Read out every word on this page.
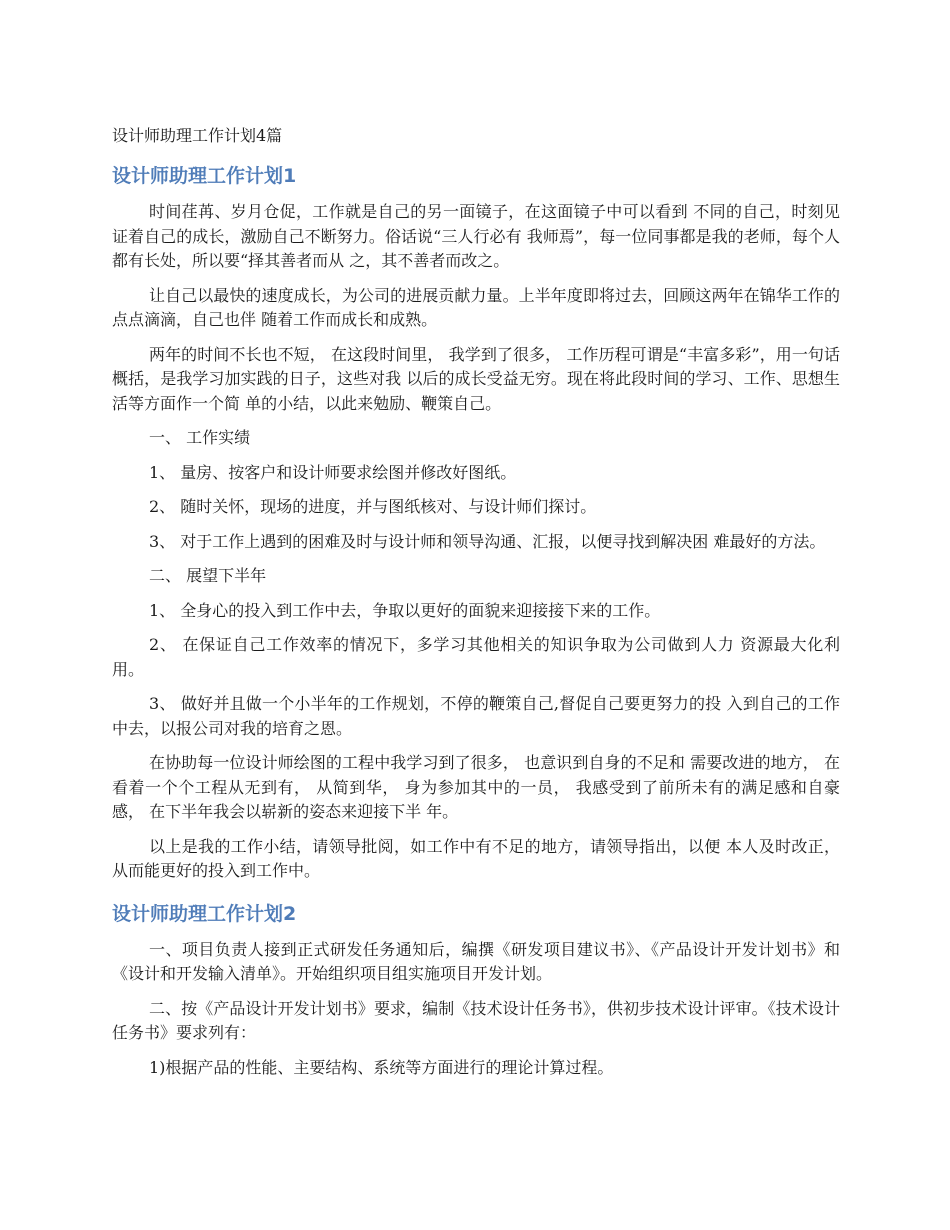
设计师助理工作计划4篇
设计师助理工作计划1

时间荏苒、岁月仓促，工作就是自己的另一面镜子，在这面镜子中可以看到 不同的自己，时刻见证着自己的成长，激励自己不断努力。俗话说“三人行必有 我师焉”，每一位同事都是我的老师，每个人都有长处，所以要“择其善者而从 之，其不善者而改之。

让自己以最快的速度成长，为公司的进展贡献力量。上半年度即将过去，回顾这两年在锦华工作的点点滴滴，自己也伴 随着工作而成长和成熟。

两年的时间不长也不短， 在这段时间里， 我学到了很多， 工作历程可谓是“丰富多彩”，用一句话概括，是我学习加实践的日子，这些对我 以后的成长受益无穷。现在将此段时间的学习、工作、思想生活等方面作一个简 单的小结，以此来勉励、鞭策自己。

一、 工作实绩

1、 量房、按客户和设计师要求绘图并修改好图纸。

2、 随时关怀，现场的进度，并与图纸核对、与设计师们探讨。

3、 对于工作上遇到的困难及时与设计师和领导沟通、汇报，以便寻找到解决困 难最好的方法。

二、 展望下半年

1、 全身心的投入到工作中去，争取以更好的面貌来迎接接下来的工作。

2、 在保证自己工作效率的情况下，多学习其他相关的知识争取为公司做到人力 资源最大化利用。

3、 做好并且做一个小半年的工作规划，不停的鞭策自己,督促自己要更努力的投 入到自己的工作中去，以报公司对我的培育之恩。

在协助每一位设计师绘图的工程中我学习到了很多， 也意识到自身的不足和 需要改进的地方， 在看着一个个工程从无到有， 从简到华， 身为参加其中的一员， 我感受到了前所未有的满足感和自豪感， 在下半年我会以崭新的姿态来迎接下半 年。

以上是我的工作小结，请领导批阅，如工作中有不足的地方，请领导指出，以便 本人及时改正，从而能更好的投入到工作中。

设计师助理工作计划2

一、项目负责人接到正式研发任务通知后，编撰《研发项目建议书》、《产品设计开发计划书》和《设计和开发输入清单》。开始组织项目组实施项目开发计划。

二、按《产品设计开发计划书》要求，编制《技术设计任务书》，供初步技术设计评审。《技术设计任务书》要求列有：

1)根据产品的性能、主要结构、系统等方面进行的理论计算过程。
